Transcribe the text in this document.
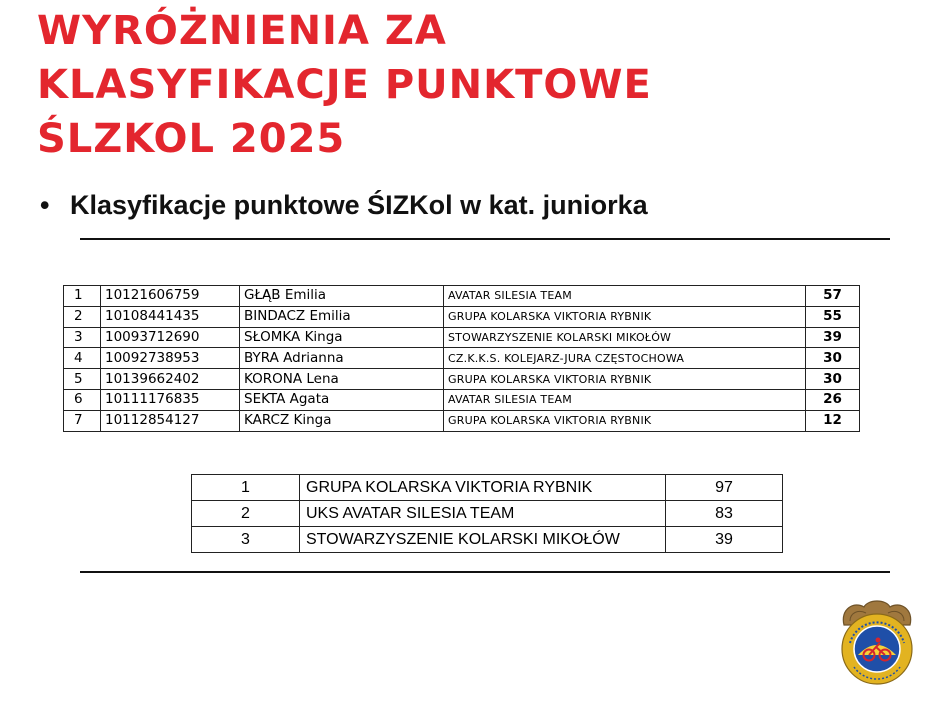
WYRÓŻNIENIA ZA
KLASYFIKACJE PUNKTOWE
ŚLZKOL 2025

• Klasyfikacje punktowe ŚIZKol w kat. juniorka

1	10121606759	GŁĄB Emilia	AVATAR SILESIA TEAM	57
2	10108441435	BINDACZ Emilia	GRUPA KOLARSKA VIKTORIA RYBNIK	55
3	10093712690	SŁOMKA Kinga	STOWARZYSZENIE KOLARSKI MIKOŁÓW	39
4	10092738953	BYRA Adrianna	CZ.K.K.S. KOLEJARZ-JURA CZĘSTOCHOWA	30
5	10139662402	KORONA Lena	GRUPA KOLARSKA VIKTORIA RYBNIK	30
6	10111176835	SEKTA Agata	AVATAR SILESIA TEAM	26
7	10112854127	KARCZ Kinga	GRUPA KOLARSKA VIKTORIA RYBNIK	12
1	GRUPA KOLARSKA VIKTORIA RYBNIK	97
2	UKS AVATAR SILESIA TEAM	83
3	STOWARZYSZENIE KOLARSKI MIKOŁÓW	39
